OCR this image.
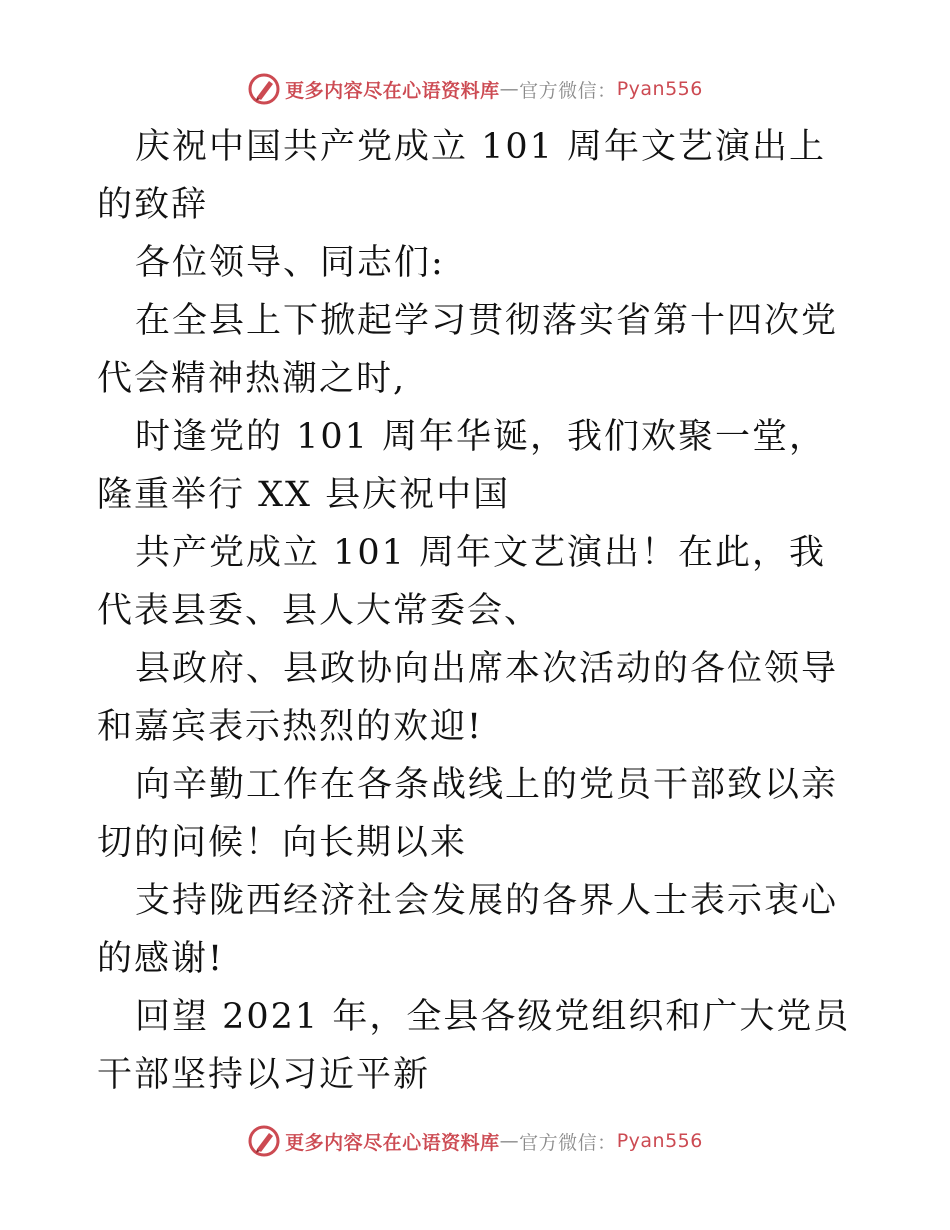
更多内容尽在心语资料库 — 官方微信： Pyan556

庆祝中国共产党成立 101 周年文艺演出上的致辞

各位领导、同志们:

在全县上下掀起学习贯彻落实省第十四次党代会精神热潮之时,

时逢党的 101 周年华诞，我们欢聚一堂，隆重举行 XX 县庆祝中国

共产党成立 101 周年文艺演出！在此，我代表县委、县人大常委会、

县政府、县政协向出席本次活动的各位领导和嘉宾表示热烈的欢迎!

向辛勤工作在各条战线上的党员干部致以亲切的问候！向长期以来

支持陇西经济社会发展的各界人士表示衷心的感谢!

回望 2021 年，全县各级党组织和广大党员干部坚持以习近平新

更多内容尽在心语资料库 — 官方微信： Pyan556
